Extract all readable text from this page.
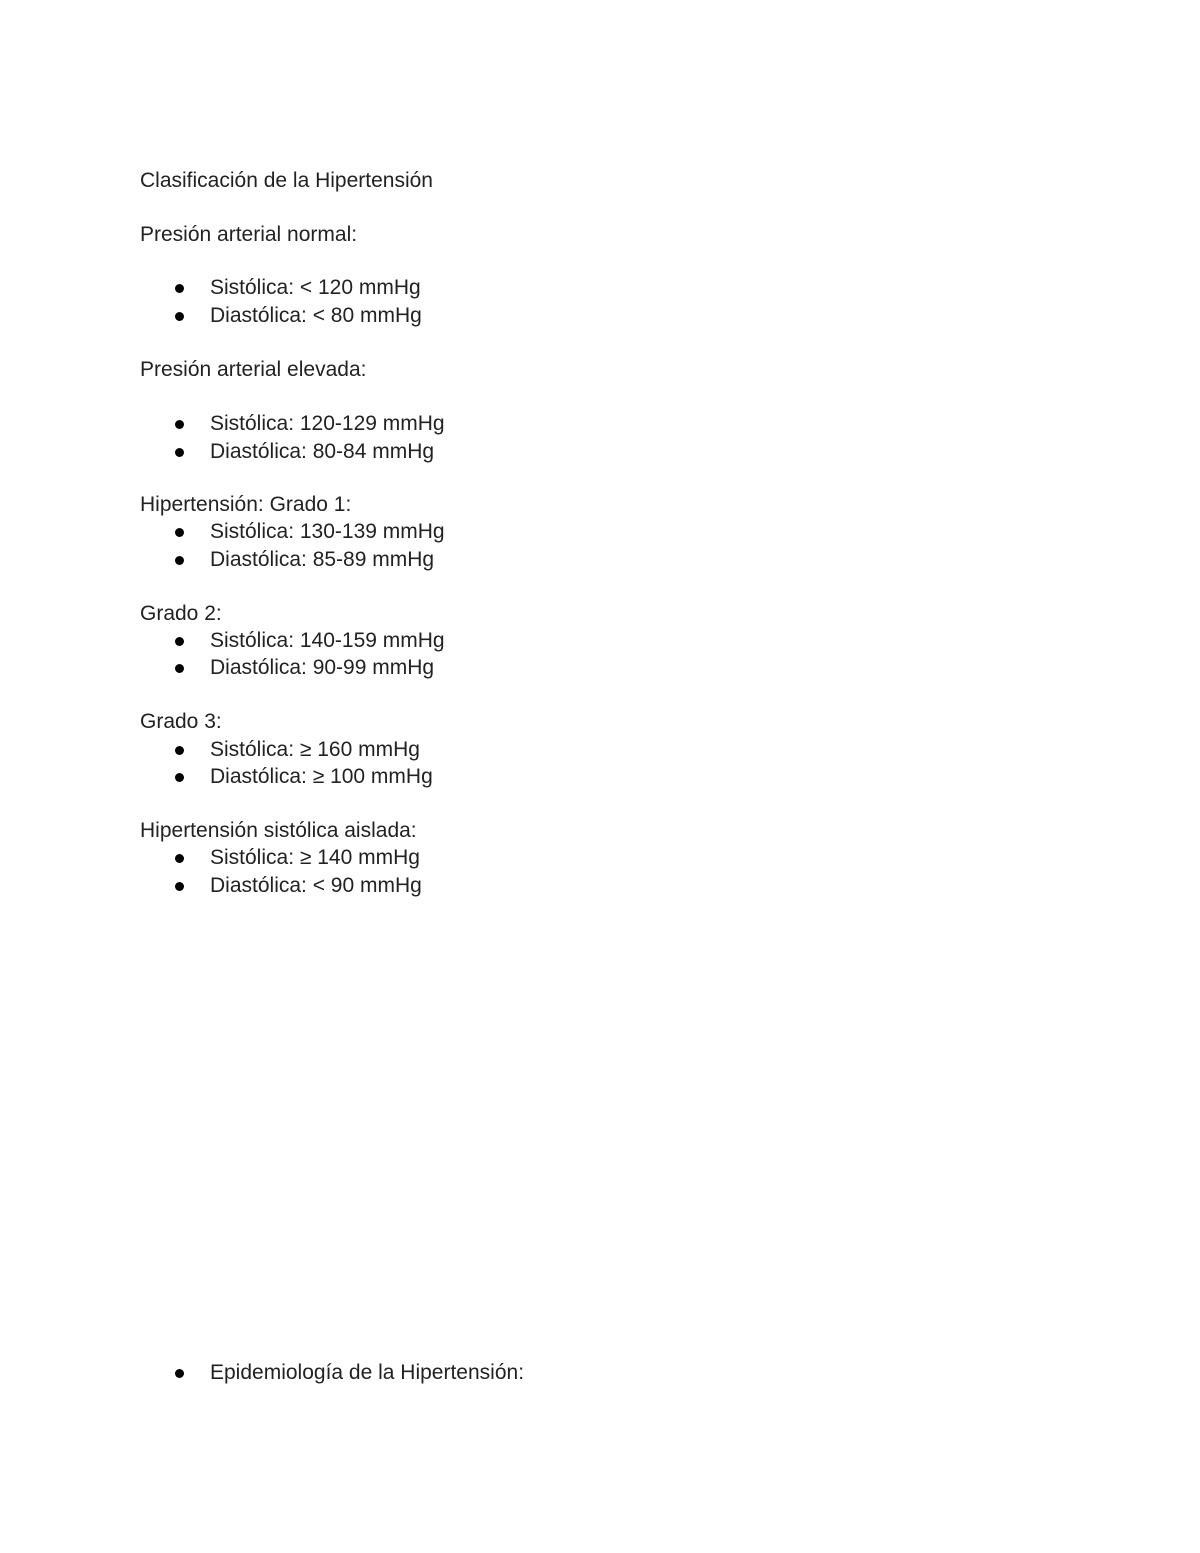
Clasificación de la Hipertensión
Presión arterial normal:
Sistólica: < 120 mmHg
Diastólica: < 80 mmHg
Presión arterial elevada:
Sistólica: 120-129 mmHg
Diastólica: 80-84 mmHg
Hipertensión: Grado 1:
Sistólica: 130-139 mmHg
Diastólica: 85-89 mmHg
Grado 2:
Sistólica: 140-159 mmHg
Diastólica: 90-99 mmHg
Grado 3:
Sistólica: ≥ 160 mmHg
Diastólica: ≥ 100 mmHg
Hipertensión sistólica aislada:
Sistólica: ≥ 140 mmHg
Diastólica: < 90 mmHg
Epidemiología de la Hipertensión:
